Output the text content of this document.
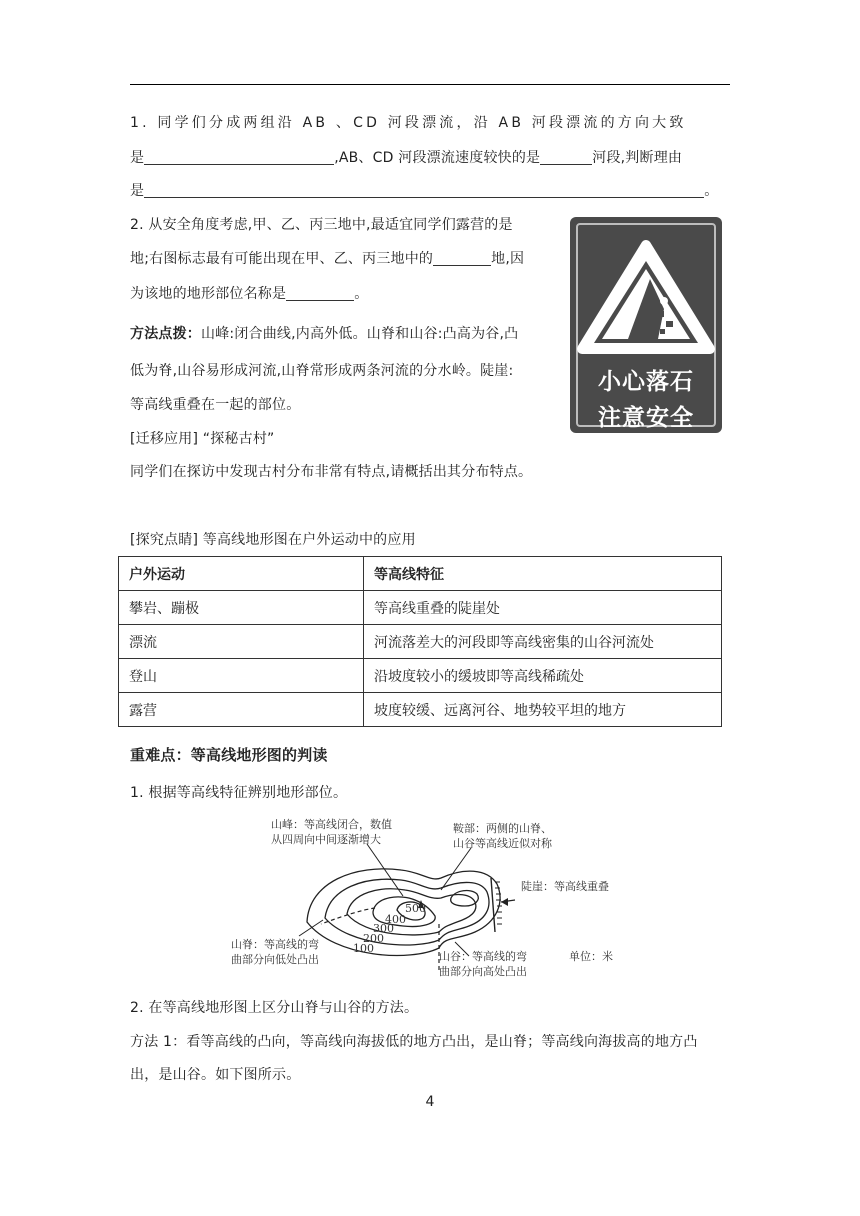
1. 同学们分成两组沿 AB 、CD 河段漂流，沿 AB 河段漂流的方向大致
是	,AB、CD 河段漂流速度较快的是	河段,判断理由
是	。
2. 从安全角度考虑,甲、乙、丙三地中,最适宜同学们露营的是
地;右图标志最有可能出现在甲、乙、丙三地中的	地,因
为该地的地形部位名称是	。
方法点拨：山峰:闭合曲线,内高外低。山脊和山谷:凸高为谷,凸
低为脊,山谷易形成河流,山脊常形成两条河流的分水岭。陡崖:
等高线重叠在一起的部位。
小心落石
注意安全
[迁移应用] “探秘古村”
同学们在探访中发现古村分布非常有特点,请概括出其分布特点。
[探究点睛] 等高线地形图在户外运动中的应用
户外运动	等高线特征
攀岩、蹦极	等高线重叠的陡崖处
漂流	河流落差大的河段即等高线密集的山谷河流处
登山	沿坡度较小的缓坡即等高线稀疏处
露营	坡度较缓、远离河谷、地势较平坦的地方
重难点：等高线地形图的判读
1. 根据等高线特征辨别地形部位。
500
400
300
200
100
山峰：等高线闭合，数值
从四周向中间逐渐增大
鞍部：两侧的山脊、
山谷等高线近似对称
陡崖：等高线重叠
山脊：等高线的弯
曲部分向低处凸出	山谷：等高线的弯
曲部分向高处凸出
单位：米
2. 在等高线地形图上区分山脊与山谷的方法。
方法 1：看等高线的凸向，等高线向海拔低的地方凸出，是山脊；等高线向海拔高的地方凸
出，是山谷。如下图所示。
4
